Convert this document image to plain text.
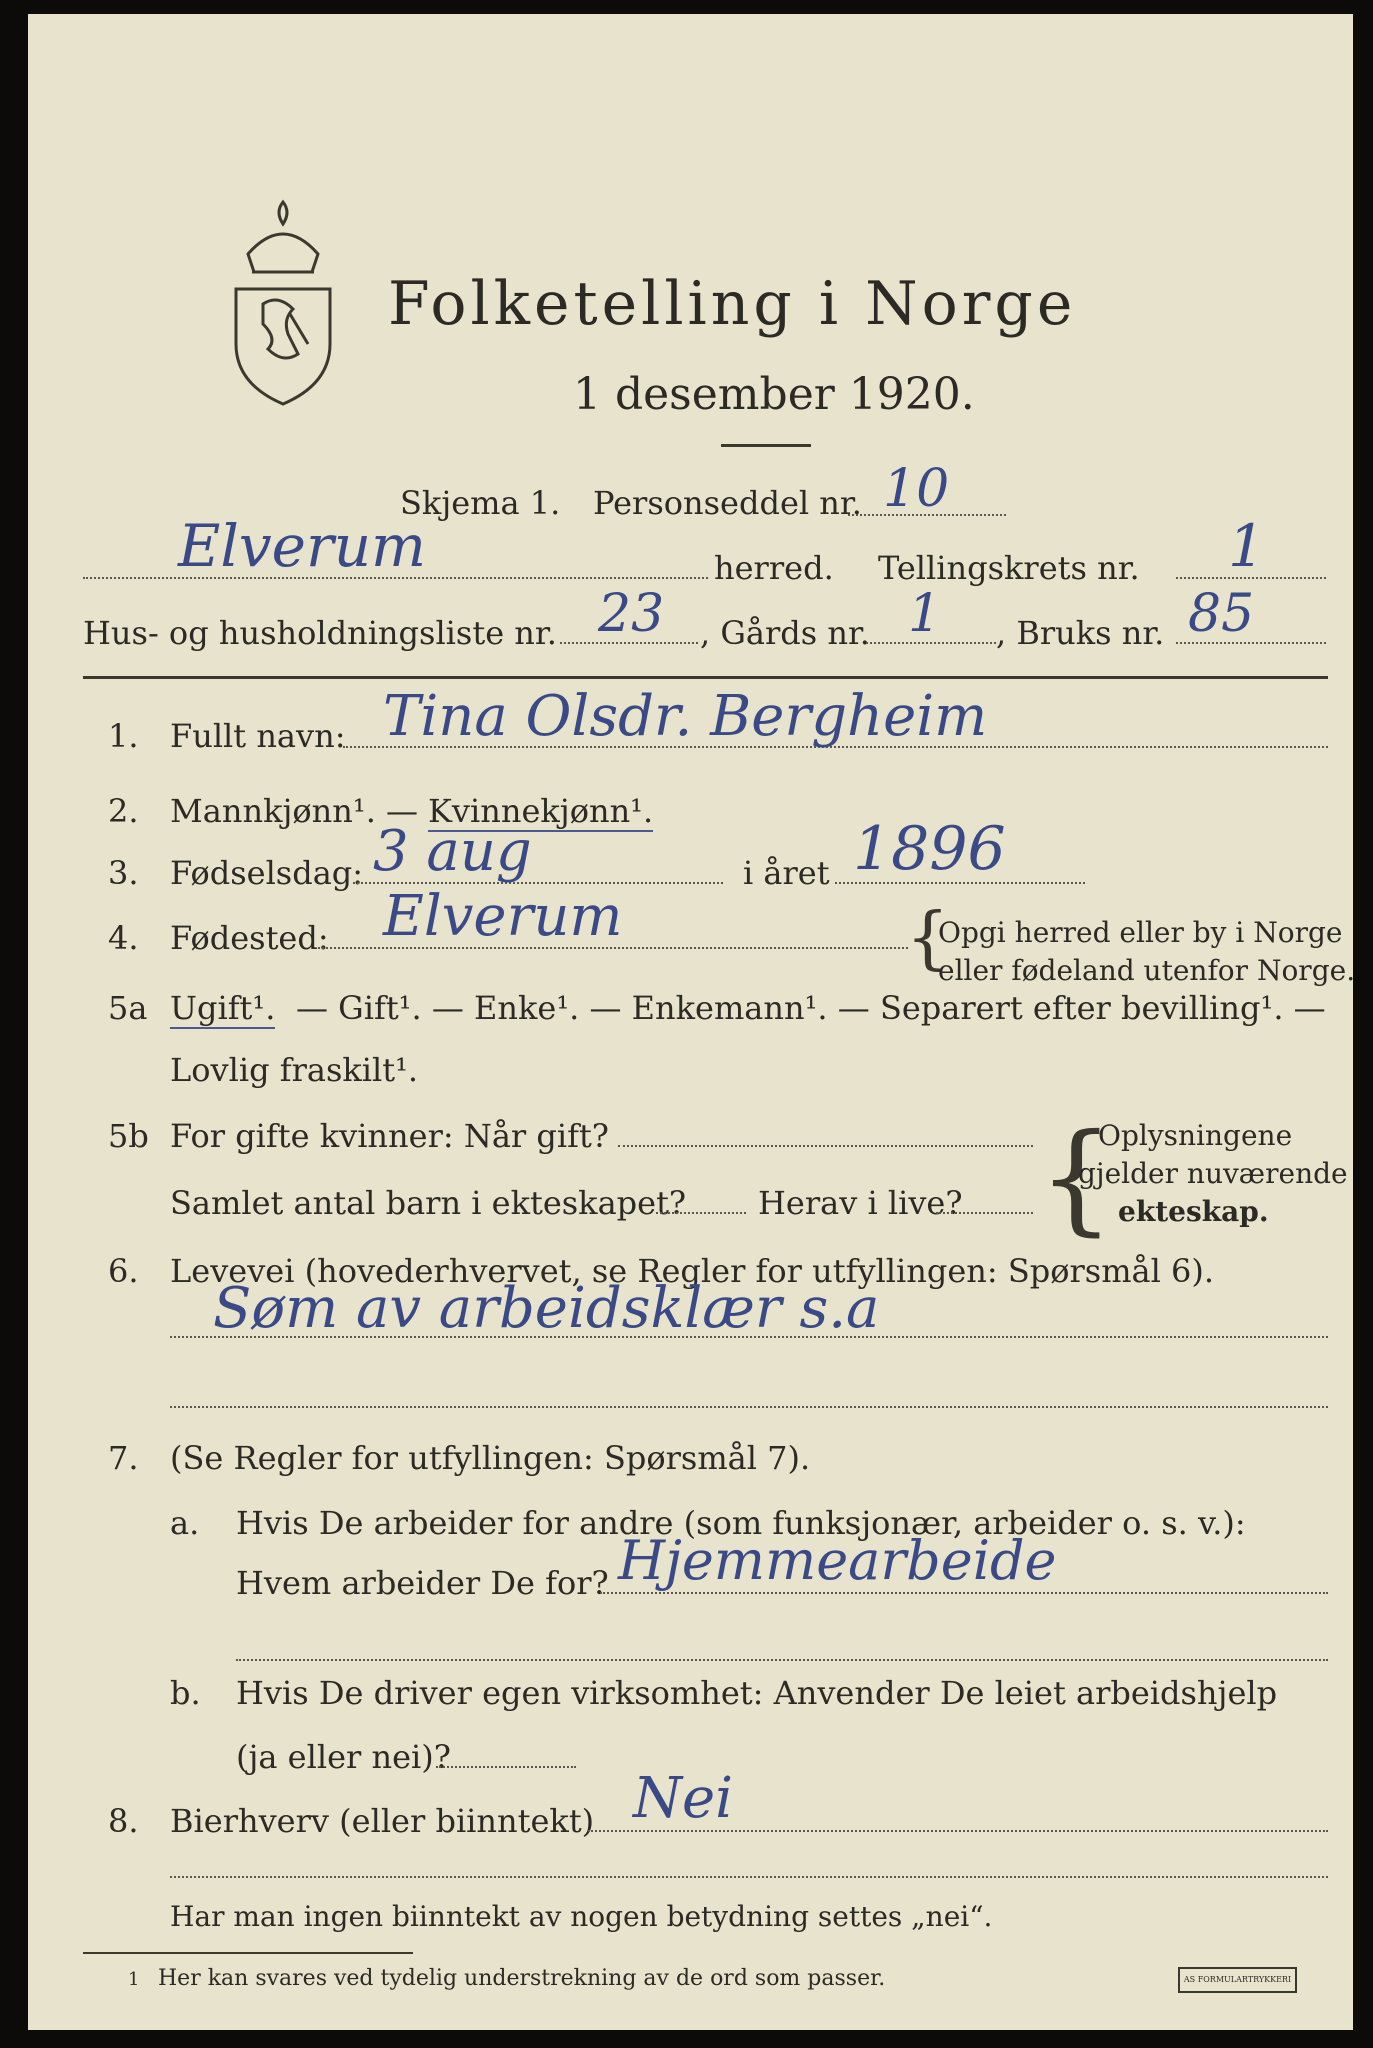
Folketelling i Norge
1 desember 1920.
Skjema 1. Personseddel nr. 10
Elverum	herred. Tellingskrets nr. 1
Hus- og husholdningsliste nr. 23 , Gårds nr. 1 , Bruks nr. 85
1. Fullt navn: Tina Olsdr. Bergheim
2. Mannkjønn¹. — Kvinnekjønn¹.
3. Fødselsdag: 3 aug	i året 1896
4. Fødested: Elverum	{
Opgi herred eller by i Norge
eller fødeland utenfor Norge.
5a Ugift¹. — Gift¹. — Enke¹. — Enkemann¹. — Separert efter bevilling¹. —
Lovlig fraskilt¹.
5b For gifte kvinner: Når gift?
Samlet antal barn i ekteskapet? Herav i live? {
Oplysningene
gjelder nuværende
ekteskap.
6. Levevei (hovederhvervet, se Regler for utfyllingen: Spørsmål 6).
Søm av arbeidsklær s.a
7. (Se Regler for utfyllingen: Spørsmål 7).
a. Hvis De arbeider for andre (som funksjonær, arbeider o. s. v.):
Hvem arbeider De for? Hjemmearbeide
b. Hvis De driver egen virksomhet: Anvender De leiet arbeidshjelp
(ja eller nei)?
8. Bierhverv (eller biinntekt) Nei
Har man ingen biinntekt av nogen betydning settes „nei“.
1 Her kan svares ved tydelig understrekning av de ord som passer.	AS FORMULARTRYKKERI
